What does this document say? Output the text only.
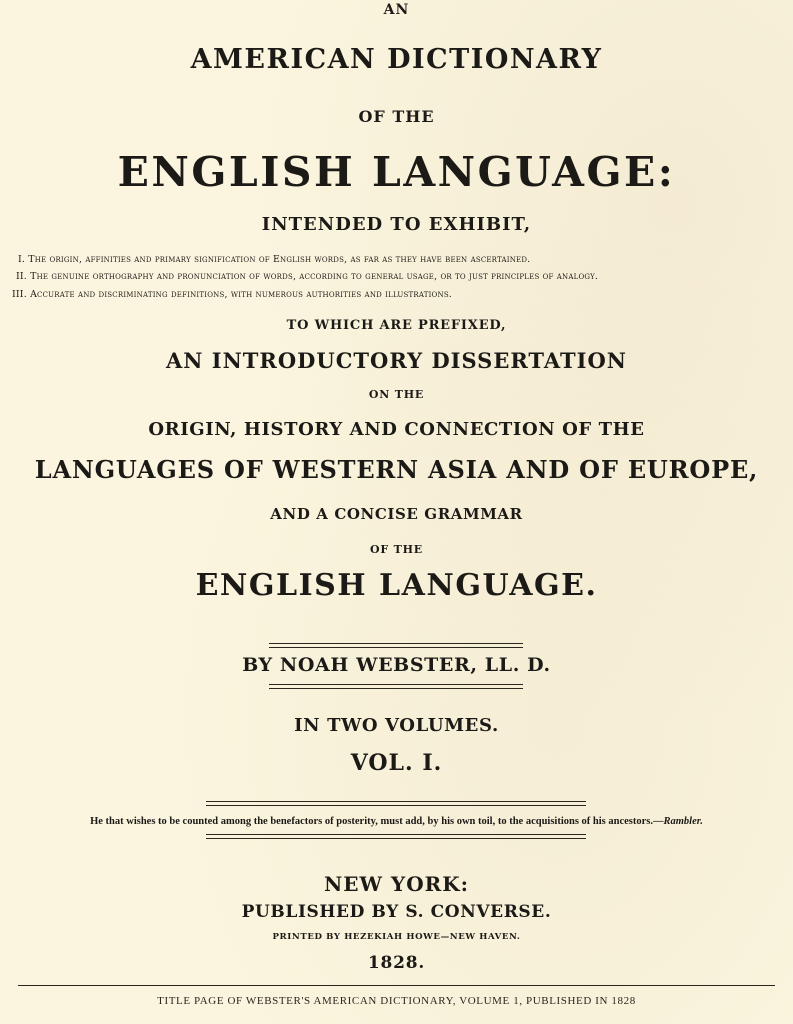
AN
AMERICAN DICTIONARY
OF THE
ENGLISH LANGUAGE:
INTENDED TO EXHIBIT,
I. The origin, affinities and primary signification of English words, as far as they have been ascertained.
II. The genuine orthography and pronunciation of words, according to general usage, or to just principles of analogy.
III. Accurate and discriminating definitions, with numerous authorities and illustrations.
TO WHICH ARE PREFIXED,
AN INTRODUCTORY DISSERTATION
ON THE
ORIGIN, HISTORY AND CONNECTION OF THE
LANGUAGES OF WESTERN ASIA AND OF EUROPE,
AND A CONCISE GRAMMAR
OF THE
ENGLISH LANGUAGE.
BY NOAH WEBSTER, LL. D.
IN TWO VOLUMES.
VOL. I.
He that wishes to be counted among the benefactors of posterity, must add, by his own toil, to the acquisitions of his ancestors.—Rambler.
NEW YORK:
PUBLISHED BY S. CONVERSE.
PRINTED BY HEZEKIAH HOWE—NEW HAVEN.
1828.
TITLE PAGE OF WEBSTER'S AMERICAN DICTIONARY, VOLUME 1, PUBLISHED IN 1828
